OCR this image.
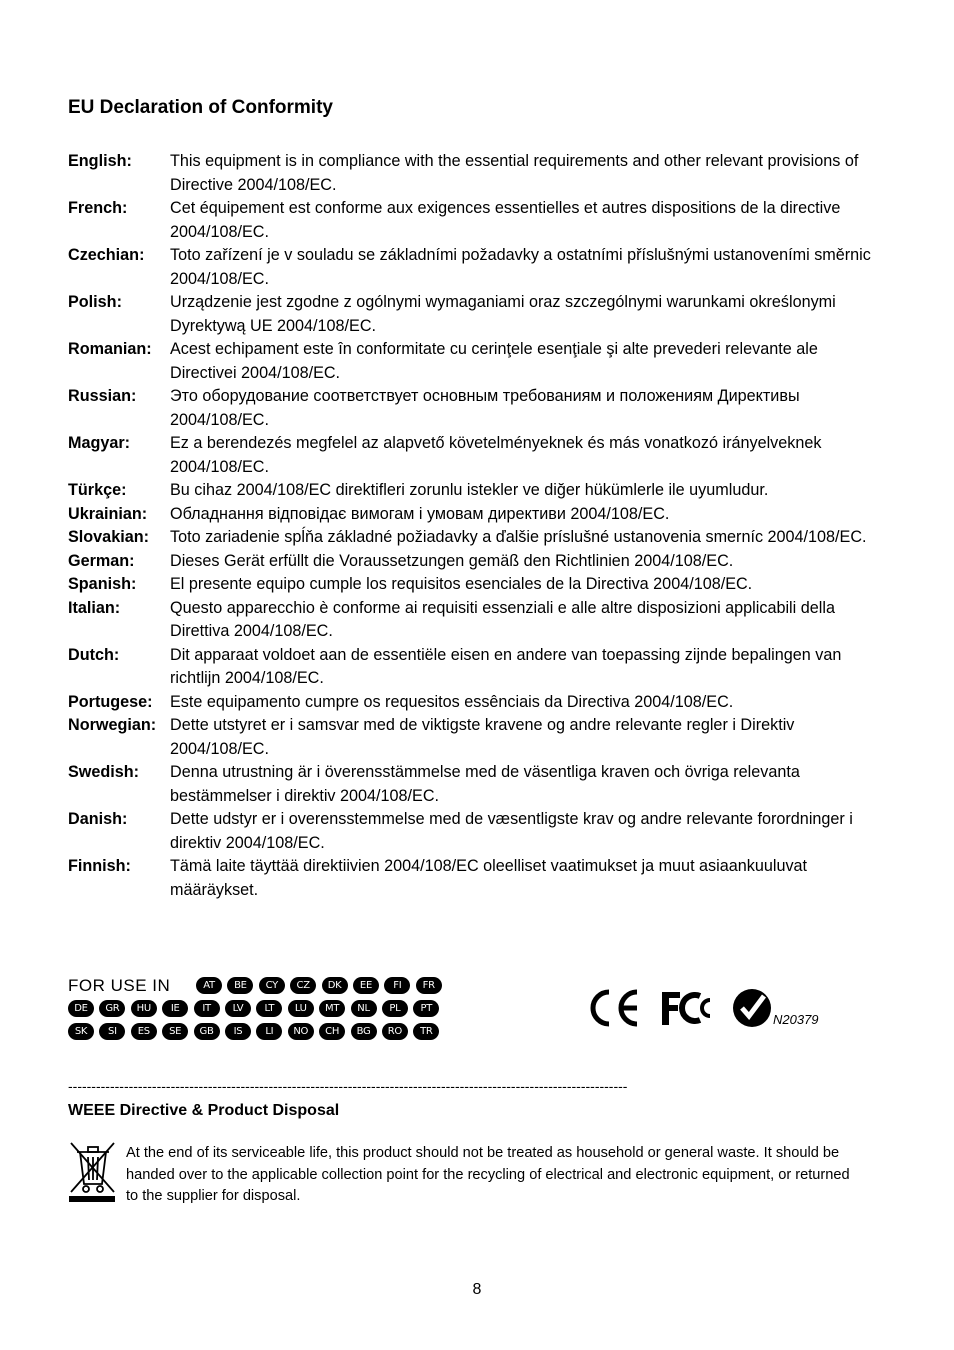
EU Declaration of Conformity
English:	This equipment is in compliance with the essential requirements and other relevant provisions of Directive 2004/108/EC.
French:	Cet équipement est conforme aux exigences essentielles et autres dispositions de la directive 2004/108/EC.
Czechian:	Toto zařízení je v souladu se základními požadavky a ostatními příslušnými ustanoveními směrnic 2004/108/EC.
Polish:	Urządzenie jest zgodne z ogólnymi wymaganiami oraz szczególnymi warunkami określonymi Dyrektywą UE 2004/108/EC.
Romanian:	Acest echipament este în conformitate cu cerinţele esenţiale şi alte prevederi relevante ale Directivei 2004/108/EC.
Russian:	Это оборудование соответствует основным требованиям и положениям Директивы 2004/108/EC.
Magyar:	Ez a berendezés megfelel az alapvető követelményeknek és más vonatkozó irányelveknek 2004/108/EC.
Türkçe:	Bu cihaz 2004/108/EC direktifleri zorunlu istekler ve diğer hükümlerle ile uyumludur.
Ukrainian:	Обладнання відповідає вимогам і умовам директиви 2004/108/EC.
Slovakian:	Toto zariadenie spĺňa základné požiadavky a ďalšie príslušné ustanovenia smerníc 2004/108/EC.
German:	Dieses Gerät erfüllt die Voraussetzungen gemäß den Richtlinien 2004/108/EC.
Spanish:	El presente equipo cumple los requisitos esenciales de la Directiva 2004/108/EC.
Italian:	Questo apparecchio è conforme ai requisiti essenziali e alle altre disposizioni applicabili della Direttiva 2004/108/EC.
Dutch:	Dit apparaat voldoet aan de essentiële eisen en andere van toepassing zijnde bepalingen van richtlijn 2004/108/EC.
Portugese:	Este equipamento cumpre os requesitos essênciais da Directiva 2004/108/EC.
Norwegian: Dette utstyret er i samsvar med de viktigste kravene og andre relevante regler i Direktiv 2004/108/EC.
Swedish:	Denna utrustning är i överensstämmelse med de väsentliga kraven och övriga relevanta bestämmelser i direktiv 2004/108/EC.
Danish:	Dette udstyr er i overensstemmelse med de væsentligste krav og andre relevante forordninger i direktiv 2004/108/EC.
Finnish:	Tämä laite täyttää direktiivien 2004/108/EC oleelliset vaatimukset ja muut asiaankuuluvat määräykset.
FOR USE IN	AT	BE	CY	CZ	DK	EE	FI	FR
DE	GR	HU	IE	IT	LV	LT	LU	MT	NL	PL	PT
SK	SI	ES	SE	GB	IS	LI	NO	CH	BG	RO	TR
N20379
------------------------------------------------------------------------------------------------------------------------
WEEE Directive & Product Disposal
At the end of its serviceable life, this product should not be treated as household or general waste. It should be handed over to the applicable collection point for the recycling of electrical and electronic equipment, or returned to the supplier for disposal.
8
